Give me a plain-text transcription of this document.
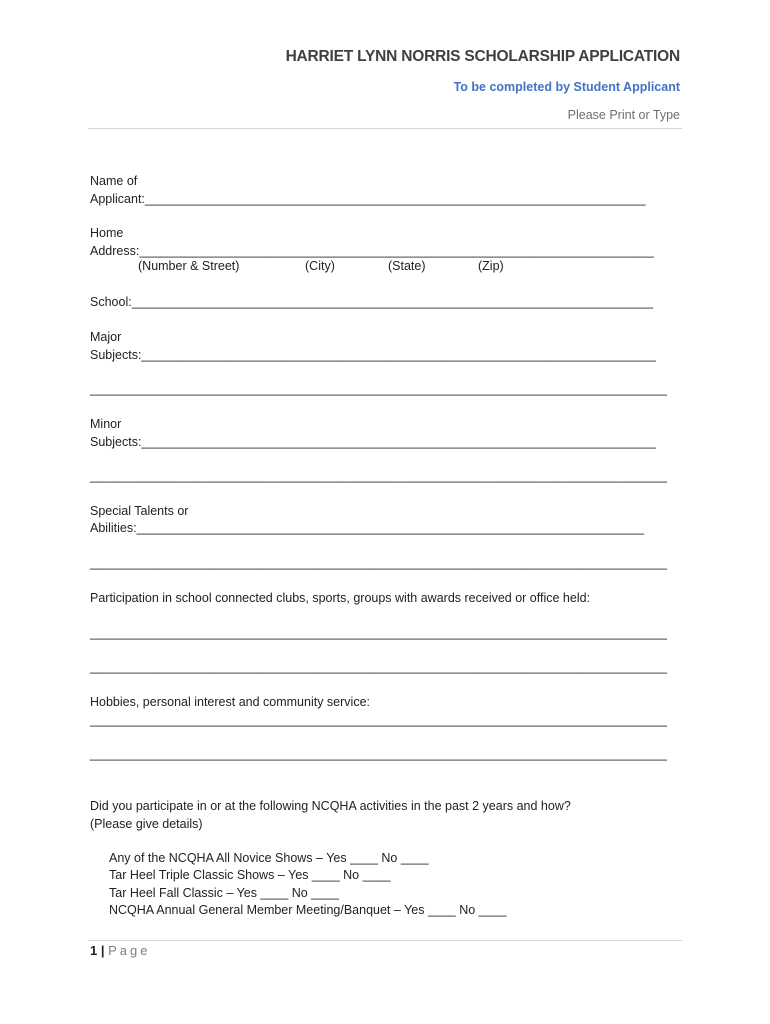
HARRIET LYNN NORRIS SCHOLARSHIP APPLICATION
To be completed by Student Applicant
Please Print or Type
Name of
Applicant:________________________________________________________________________
Home
Address:__________________________________________________________________________
(Number & Street)	(City)	(State)	(Zip)
School:___________________________________________________________________________
Major
Subjects:__________________________________________________________________________
___________________________________________________________________________________
Minor
Subjects:__________________________________________________________________________
___________________________________________________________________________________
Special Talents or
Abilities:_________________________________________________________________________
___________________________________________________________________________________
Participation in school connected clubs, sports, groups with awards received or office held:
___________________________________________________________________________________
___________________________________________________________________________________
Hobbies, personal interest and community service:
___________________________________________________________________________________
___________________________________________________________________________________
Did you participate in or at the following NCQHA activities in the past 2 years and how?
(Please give details)
Any of the NCQHA All Novice Shows – Yes ____ No ____
Tar Heel Triple Classic Shows – Yes ____ No ____
Tar Heel Fall Classic – Yes ____ No ____
NCQHA Annual General Member Meeting/Banquet – Yes ____ No ____
1 | Page
